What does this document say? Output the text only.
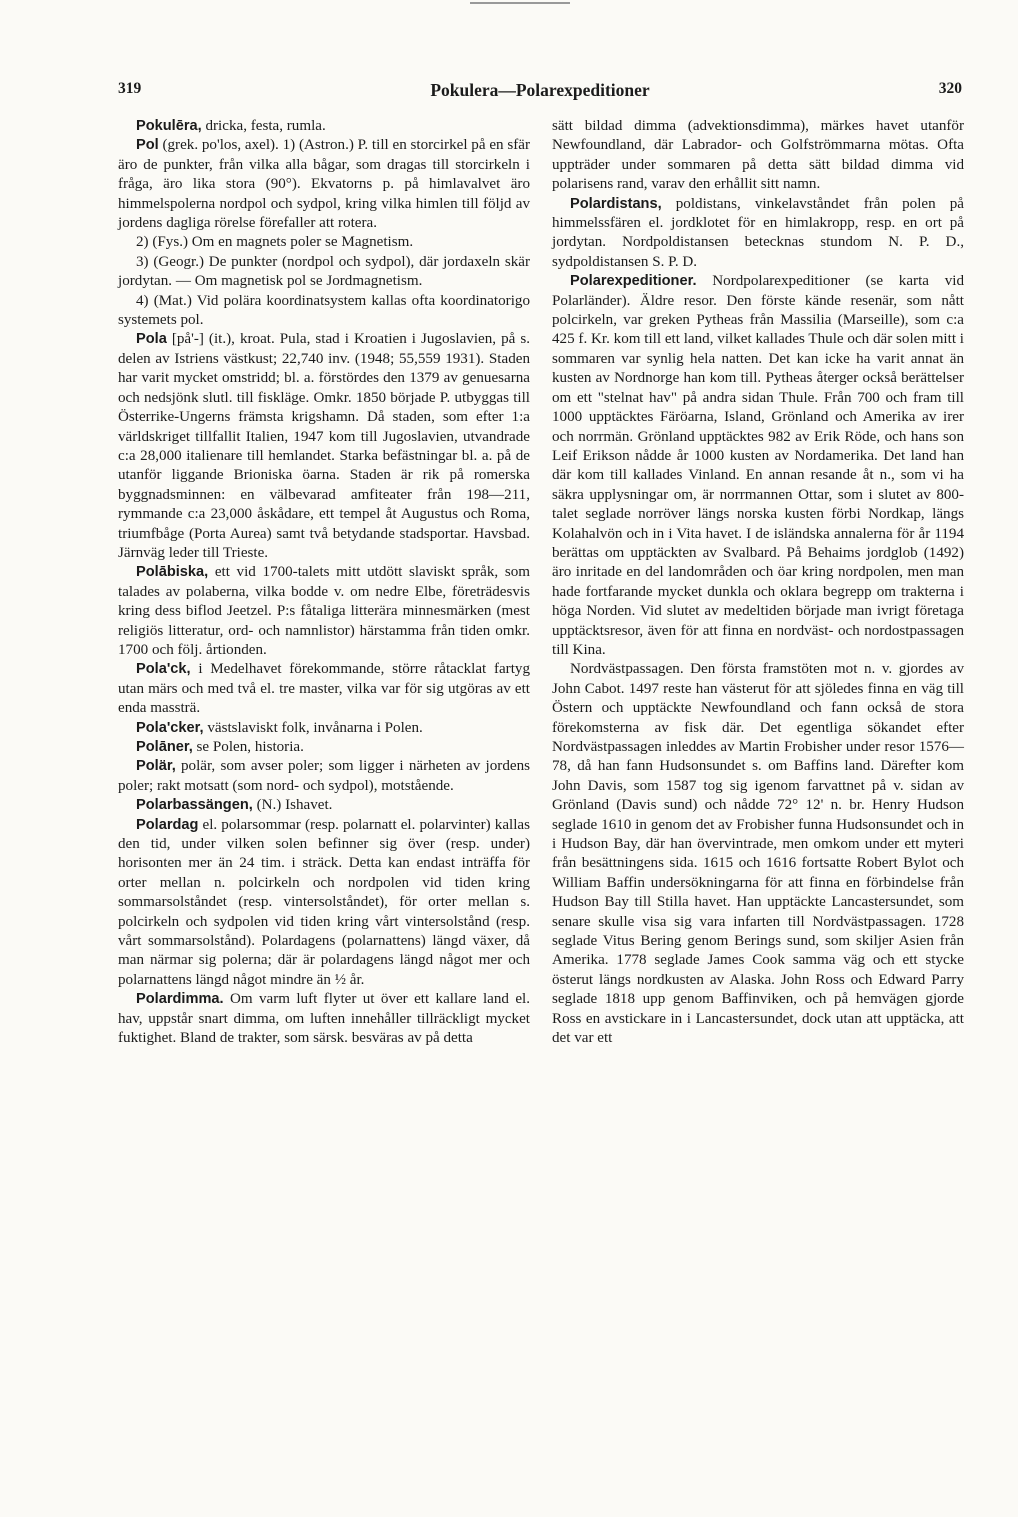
319	Pokulera—Polarexpeditioner	320

Pokulēra, dricka, festa, rumla.

Pol (grek. po'los, axel). 1) (Astron.) P. till en storcirkel på en sfär äro de punkter, från vilka alla bågar, som dragas till storcirkeln i fråga, äro lika stora (90°). Ekvatorns p. på himlavalvet äro himmelspolerna nordpol och sydpol, kring vilka himlen till följd av jordens dagliga rörelse förefaller att rotera.

2) (Fys.) Om en magnets poler se Magnetism.

3) (Geogr.) De punkter (nordpol och sydpol), där jordaxeln skär jordytan. — Om magnetisk pol se Jordmagnetism.

4) (Mat.) Vid polära koordinatsystem kallas ofta koordinatorigo systemets pol.

Pola [på'-] (it.), kroat. Pula, stad i Kroatien i Jugoslavien, på s. delen av Istriens västkust; 22,740 inv. (1948; 55,559 1931). Staden har varit mycket omstridd; bl. a. förstördes den 1379 av genuesarna och nedsjönk slutl. till fiskläge. Omkr. 1850 började P. utbyggas till Österrike-Ungerns främsta krigshamn. Då staden, som efter 1:a världskriget tillfallit Italien, 1947 kom till Jugoslavien, utvandrade c:a 28,000 italienare till hemlandet. Starka befästningar bl. a. på de utanför liggande Brioniska öarna. Staden är rik på romerska byggnadsminnen: en välbevarad amfiteater från 198—211, rymmande c:a 23,000 åskådare, ett tempel åt Augustus och Roma, triumfbåge (Porta Aurea) samt två betydande stadsportar. Havsbad. Järnväg leder till Trieste.

Polābiska, ett vid 1700-talets mitt utdött slaviskt språk, som talades av polaberna, vilka bodde v. om nedre Elbe, företrädesvis kring dess biflod Jeetzel. P:s fåtaliga litterära minnesmärken (mest religiös litteratur, ord- och namnlistor) härstamma från tiden omkr. 1700 och följ. årtionden.

Pola'ck, i Medelhavet förekommande, större råtacklat fartyg utan märs och med två el. tre master, vilka var för sig utgöras av ett enda massträ.

Pola'cker, västslaviskt folk, invånarna i Polen.

Polāner, se Polen, historia.

Polär, polär, som avser poler; som ligger i närheten av jordens poler; rakt motsatt (som nord- och sydpol), motstående.

Polarbassängen, (N.) Ishavet.

Polardag el. polarsommar (resp. polarnatt el. polarvinter) kallas den tid, under vilken solen befinner sig över (resp. under) horisonten mer än 24 tim. i sträck. Detta kan endast inträffa för orter mellan n. polcirkeln och nordpolen vid tiden kring sommarsolståndet (resp. vintersolståndet), för orter mellan s. polcirkeln och sydpolen vid tiden kring vårt vintersolstånd (resp. vårt sommarsolstånd). Polardagens (polarnattens) längd växer, då man närmar sig polerna; där är polardagens längd något mer och polarnattens längd något mindre än ½ år.

Polardimma. Om varm luft flyter ut över ett kallare land el. hav, uppstår snart dimma, om luften innehåller tillräckligt mycket fuktighet. Bland de trakter, som särsk. besväras av på detta

sätt bildad dimma (advektionsdimma), märkes havet utanför Newfoundland, där Labrador- och Golfströmmarna mötas. Ofta uppträder under sommaren på detta sätt bildad dimma vid polarisens rand, varav den erhållit sitt namn.

Polardistans, poldistans, vinkelavståndet från polen på himmelssfären el. jordklotet för en himlakropp, resp. en ort på jordytan. Nordpoldistansen betecknas stundom N. P. D., sydpoldistansen S. P. D.

Polarexpeditioner. Nordpolarexpeditioner (se karta vid Polarländer). Äldre resor. Den förste kände resenär, som nått polcirkeln, var greken Pytheas från Massilia (Marseille), som c:a 425 f. Kr. kom till ett land, vilket kallades Thule och där solen mitt i sommaren var synlig hela natten. Det kan icke ha varit annat än kusten av Nordnorge han kom till. Pytheas återger också berättelser om ett "stelnat hav" på andra sidan Thule. Från 700 och fram till 1000 upptäcktes Färöarna, Island, Grönland och Amerika av irer och norrmän. Grönland upptäcktes 982 av Erik Röde, och hans son Leif Erikson nådde år 1000 kusten av Nordamerika. Det land han där kom till kallades Vinland. En annan resande åt n., som vi ha säkra upplysningar om, är norrmannen Ottar, som i slutet av 800-talet seglade norröver längs norska kusten förbi Nordkap, längs Kolahalvön och in i Vita havet. I de isländska annalerna för år 1194 berättas om upptäckten av Svalbard. På Behaims jordglob (1492) äro inritade en del landområden och öar kring nordpolen, men man hade fortfarande mycket dunkla och oklara begrepp om trakterna i höga Norden. Vid slutet av medeltiden började man ivrigt företaga upptäcktsresor, även för att finna en nordväst- och nordostpassagen till Kina.

Nordvästpassagen. Den första framstöten mot n. v. gjordes av John Cabot. 1497 reste han västerut för att sjöledes finna en väg till Östern och upptäckte Newfoundland och fann också de stora förekomsterna av fisk där. Det egentliga sökandet efter Nordvästpassagen inleddes av Martin Frobisher under resor 1576—78, då han fann Hudsonsundet s. om Baffins land. Därefter kom John Davis, som 1587 tog sig igenom farvattnet på v. sidan av Grönland (Davis sund) och nådde 72° 12' n. br. Henry Hudson seglade 1610 in genom det av Frobisher funna Hudsonsundet och in i Hudson Bay, där han övervintrade, men omkom under ett myteri från besättningens sida. 1615 och 1616 fortsatte Robert Bylot och William Baffin undersökningarna för att finna en förbindelse från Hudson Bay till Stilla havet. Han upptäckte Lancastersundet, som senare skulle visa sig vara infarten till Nordvästpassagen. 1728 seglade Vitus Bering genom Berings sund, som skiljer Asien från Amerika. 1778 seglade James Cook samma väg och ett stycke österut längs nordkusten av Alaska. John Ross och Edward Parry seglade 1818 upp genom Baffinviken, och på hemvägen gjorde Ross en avstickare in i Lancastersundet, dock utan att upptäcka, att det var ett
